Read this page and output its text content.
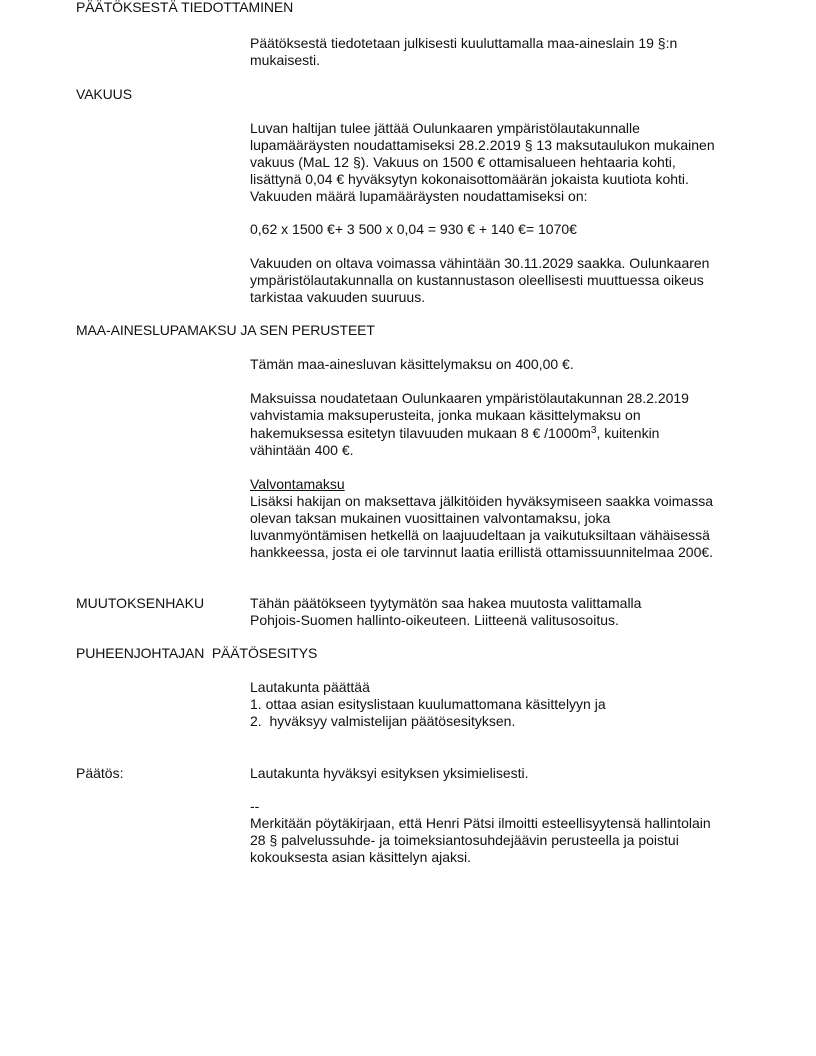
PÄÄTÖKSESTÄ TIEDOTTAMINEN
Päätöksestä tiedotetaan julkisesti kuuluttamalla maa-aineslain 19 §:n
mukaisesti.
VAKUUS
Luvan haltijan tulee jättää Oulunkaaren ympäristölautakunnalle
lupamääräysten noudattamiseksi 28.2.2019 § 13 maksutaulukon mukainen
vakuus (MaL 12 §). Vakuus on 1500 € ottamisalueen hehtaaria kohti,
lisättynä 0,04 € hyväksytyn kokonaisottomäärän jokaista kuutiota kohti.
Vakuuden määrä lupamääräysten noudattamiseksi on:
0,62 x 1500 €+ 3 500 x 0,04 = 930 € + 140 €= 1070€
Vakuuden on oltava voimassa vähintään 30.11.2029 saakka. Oulunkaaren
ympäristölautakunnalla on kustannustason oleellisesti muuttuessa oikeus
tarkistaa vakuuden suuruus.
MAA-AINESLUPAMAKSU JA SEN PERUSTEET
Tämän maa-ainesluvan käsittelymaksu on 400,00 €.
Maksuissa noudatetaan Oulunkaaren ympäristölautakunnan 28.2.2019
vahvistamia maksuperusteita, jonka mukaan käsittelymaksu on
hakemuksessa esitetyn tilavuuden mukaan 8 € $/1000m^3$, kuitenkin
vähintään 400 €.
Valvontamaksu
Lisäksi hakijan on maksettava jälkitöiden hyväksymiseen saakka voimassa
olevan taksan mukainen vuosittainen valvontamaksu, joka
luvanmyöntämisen hetkellä on laajuudeltaan ja vaikutuksiltaan vähäisessä
hankkeessa, josta ei ole tarvinnut laatia erillistä ottamissuunnitelmaa 200€.
MUUTOKSENHAKU	Tähän päätökseen tyytymätön saa hakea muutosta valittamalla
Pohjois-Suomen hallinto-oikeuteen. Liitteenä valitusosoitus.
PUHEENJOHTAJAN  PÄÄTÖSESITYS
Lautakunta päättää
1. ottaa asian esityslistaan kuulumattomana käsittelyyn ja
2.  hyväksyy valmistelijan päätösesityksen.
Päätös:	Lautakunta hyväksyi esityksen yksimielisesti.
--
Merkitään pöytäkirjaan, että Henri Pätsi ilmoitti esteellisyytensä hallintolain
28 § palvelussuhde- ja toimeksiantosuhdejäävin perusteella ja poistui
kokouksesta asian käsittelyn ajaksi.
